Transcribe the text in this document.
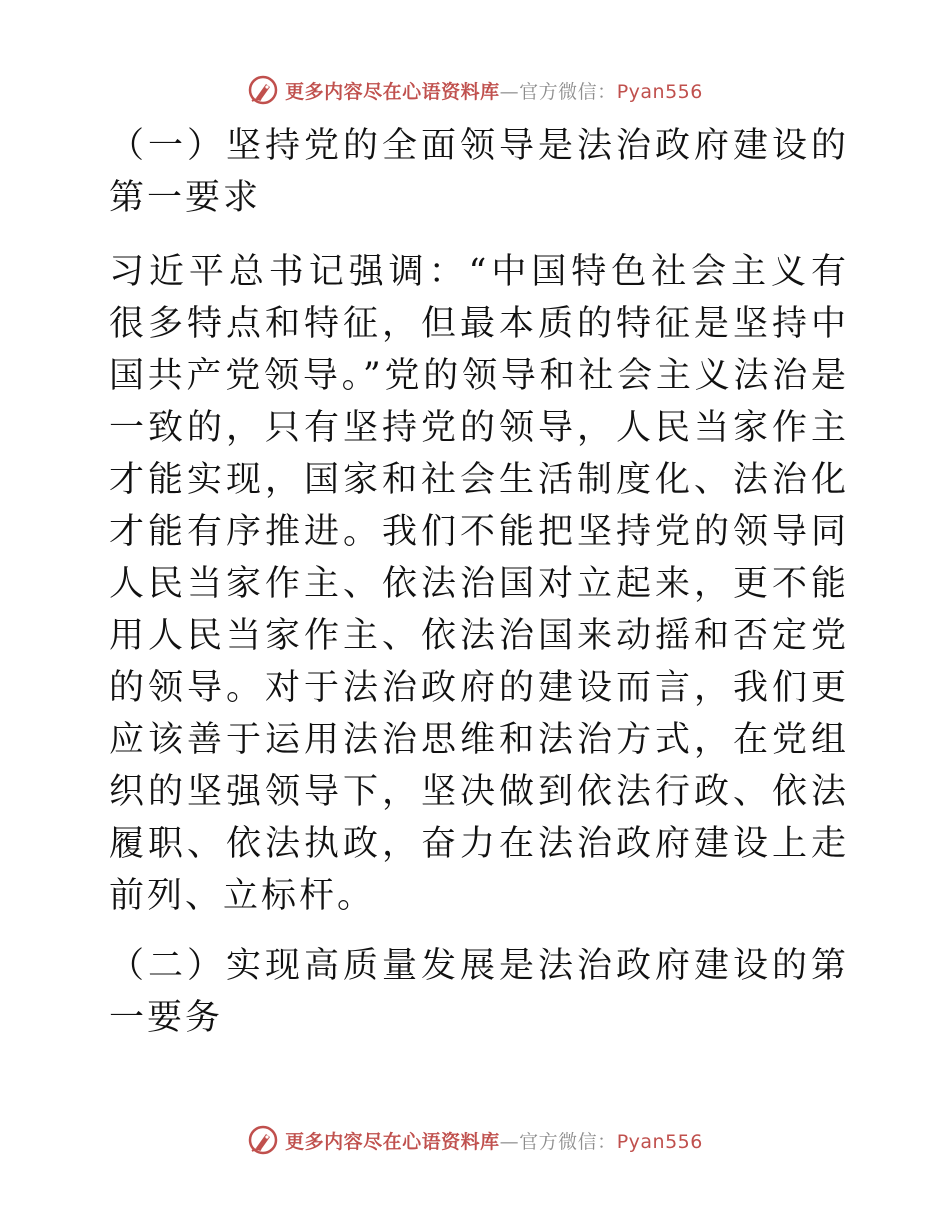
更多内容尽在心语资料库—官方微信：Pyan556

（一）坚持党的全面领导是法治政府建设的第一要求

习近平总书记强调：“中国特色社会主义有很多特点和特征，但最本质的特征是坚持中国共产党领导。”党的领导和社会主义法治是一致的，只有坚持党的领导，人民当家作主才能实现，国家和社会生活制度化、法治化才能有序推进。我们不能把坚持党的领导同人民当家作主、依法治国对立起来，更不能用人民当家作主、依法治国来动摇和否定党的领导。对于法治政府的建设而言，我们更应该善于运用法治思维和法治方式，在党组织的坚强领导下，坚决做到依法行政、依法履职、依法执政，奋力在法治政府建设上走前列、立标杆。

（二）实现高质量发展是法治政府建设的第一要务

更多内容尽在心语资料库—官方微信：Pyan556
